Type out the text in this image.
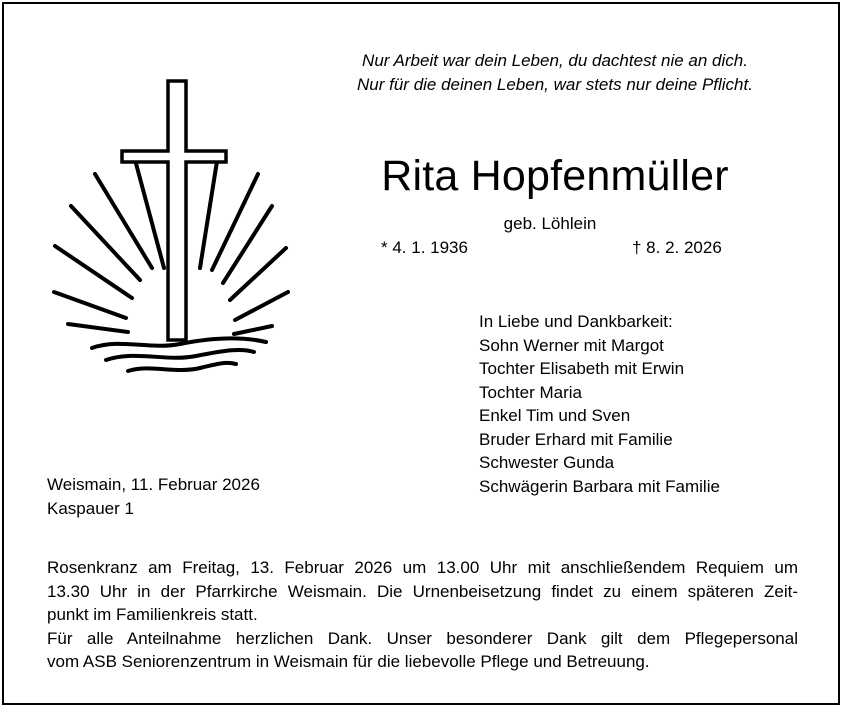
Nur Arbeit war dein Leben, du dachtest nie an dich.
Nur für die deinen Leben, war stets nur deine Pflicht.
Rita Hopfenmüller
geb. Löhlein
* 4. 1. 1936	† 8. 2. 2026
In Liebe und Dankbarkeit:
Sohn Werner mit Margot
Tochter Elisabeth mit Erwin
Tochter Maria
Enkel Tim und Sven
Bruder Erhard mit Familie
Schwester Gunda
Schwägerin Barbara mit Familie
Weismain, 11. Februar 2026
Kaspauer 1
Rosenkranz am Freitag, 13. Februar 2026 um 13.00 Uhr mit anschließendem Requiem um
13.30 Uhr in der Pfarrkirche Weismain. Die Urnenbeisetzung findet zu einem späteren Zeit-
punkt im Familienkreis statt.
Für alle Anteilnahme herzlichen Dank. Unser besonderer Dank gilt dem Pflegepersonal
vom ASB Seniorenzentrum in Weismain für die liebevolle Pflege und Betreuung.
